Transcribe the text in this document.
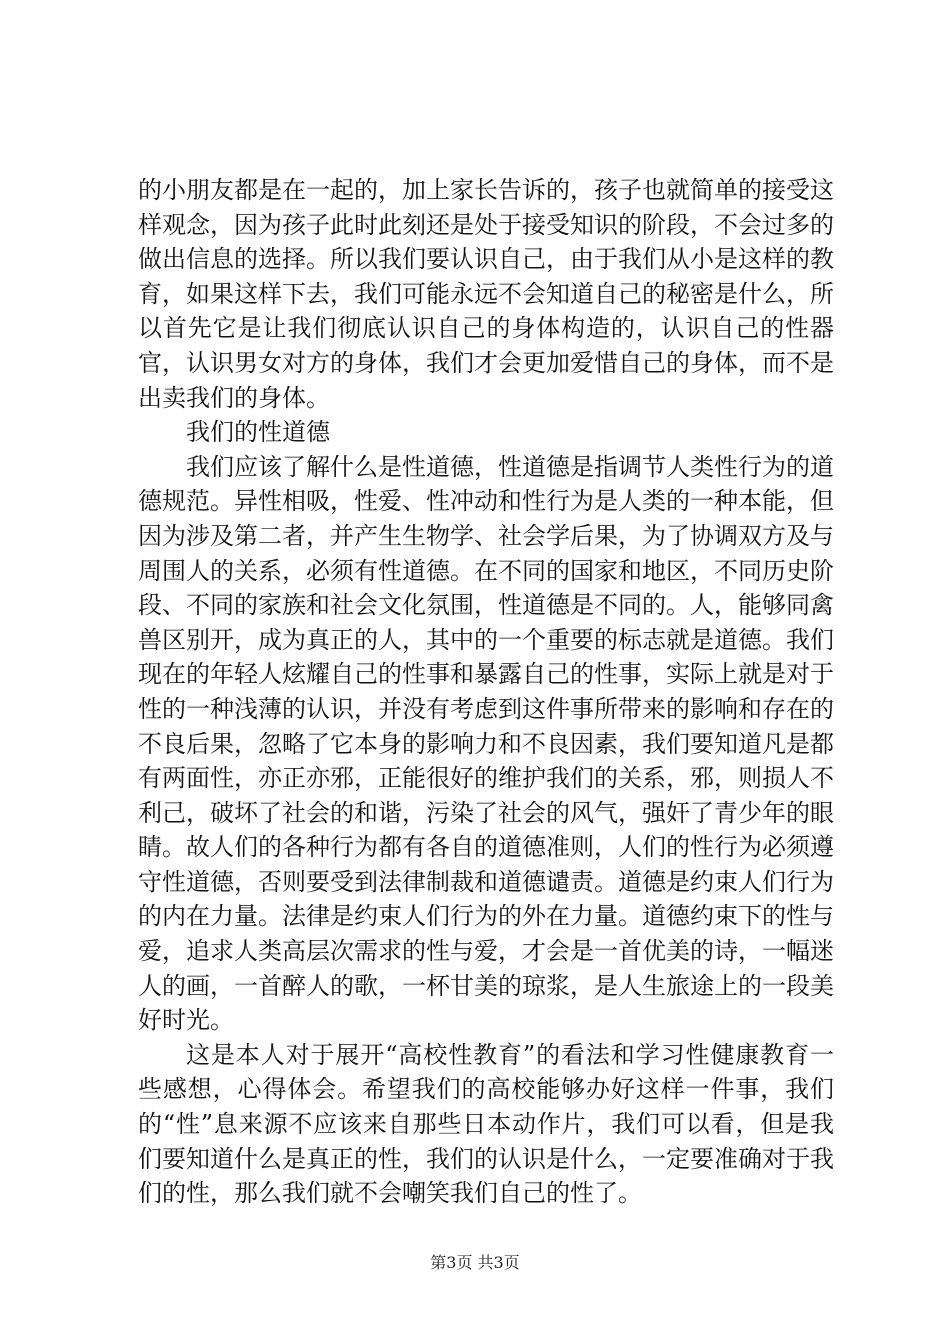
的小朋友都是在一起的，加上家长告诉的，孩子也就简单的接受这样观念，因为孩子此时此刻还是处于接受知识的阶段，不会过多的做出信息的选择。所以我们要认识自己，由于我们从小是这样的教育，如果这样下去，我们可能永远不会知道自己的秘密是什么，所以首先它是让我们彻底认识自己的身体构造的，认识自己的性器官，认识男女对方的身体，我们才会更加爱惜自己的身体，而不是出卖我们的身体。

我们的性道德

我们应该了解什么是性道德，性道德是指调节人类性行为的道德规范。异性相吸，性爱、性冲动和性行为是人类的一种本能，但因为涉及第二者，并产生生物学、社会学后果，为了协调双方及与周围人的关系，必须有性道德。在不同的国家和地区，不同历史阶段、不同的家族和社会文化氛围，性道德是不同的。人，能够同禽兽区别开，成为真正的人，其中的一个重要的标志就是道德。我们现在的年轻人炫耀自己的性事和暴露自己的性事，实际上就是对于性的一种浅薄的认识，并没有考虑到这件事所带来的影响和存在的不良后果，忽略了它本身的影响力和不良因素，我们要知道凡是都有两面性，亦正亦邪，正能很好的维护我们的关系，邪，则损人不利己，破坏了社会的和谐，污染了社会的风气，强奸了青少年的眼睛。故人们的各种行为都有各自的道德准则，人们的性行为必须遵守性道德，否则要受到法律制裁和道德谴责。道德是约束人们行为的内在力量。法律是约束人们行为的外在力量。道德约束下的性与爱，追求人类高层次需求的性与爱，才会是一首优美的诗，一幅迷人的画，一首醉人的歌，一杯甘美的琼浆，是人生旅途上的一段美好时光。

这是本人对于展开“高校性教育”的看法和学习性健康教育一些感想，心得体会。希望我们的高校能够办好这样一件事，我们的“性”息来源不应该来自那些日本动作片，我们可以看，但是我们要知道什么是真正的性，我们的认识是什么，一定要准确对于我们的性，那么我们就不会嘲笑我们自己的性了。

第3页 共3页
